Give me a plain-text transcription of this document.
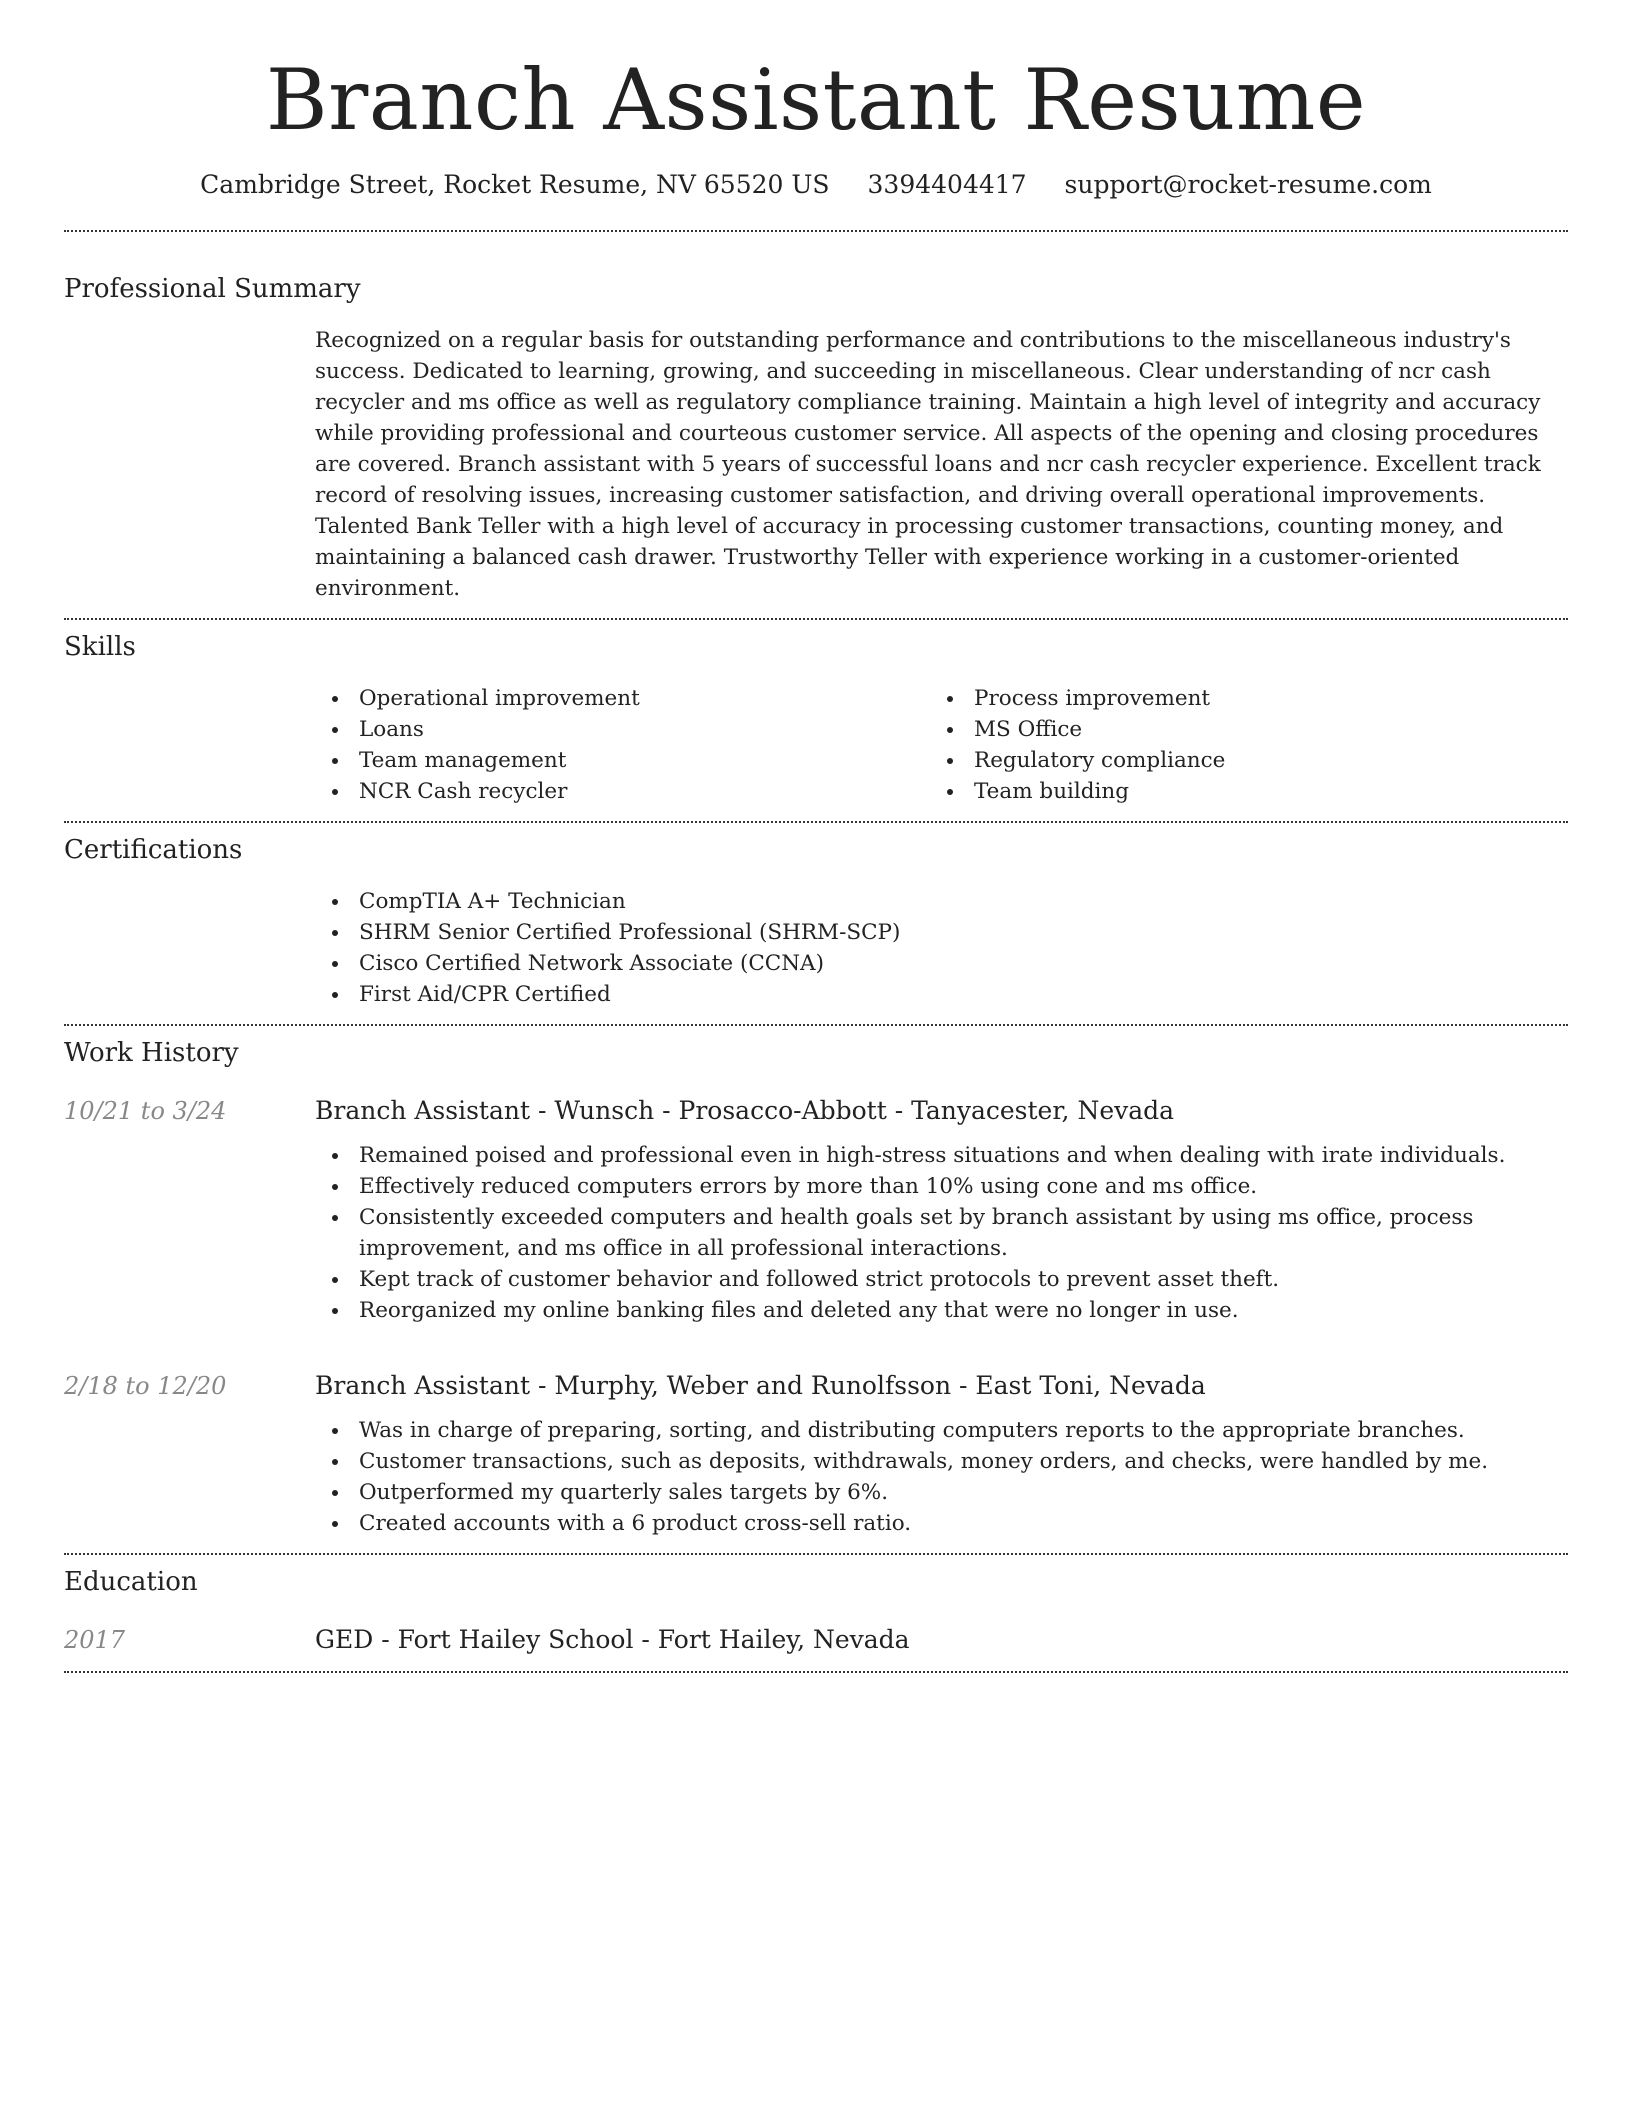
Branch Assistant Resume
Cambridge Street, Rocket Resume, NV 65520 US 3394404417 support@rocket-resume.com
Professional Summary

Recognized on a regular basis for outstanding performance and contributions to the miscellaneous industry's success. Dedicated to learning, growing, and succeeding in miscellaneous. Clear understanding of ncr cash recycler and ms office as well as regulatory compliance training. Maintain a high level of integrity and accuracy while providing professional and courteous customer service. All aspects of the opening and closing procedures are covered. Branch assistant with 5 years of successful loans and ncr cash recycler experience. Excellent track record of resolving issues, increasing customer satisfaction, and driving overall operational improvements. Talented Bank Teller with a high level of accuracy in processing customer transactions, counting money, and maintaining a balanced cash drawer. Trustworthy Teller with experience working in a customer-oriented environment.

Skills
Operational improvement
Loans
Team management
NCR Cash recycler
Process improvement
MS Office
Regulatory compliance
Team building
Certifications
CompTIA A+ Technician
SHRM Senior Certified Professional (SHRM-SCP)
Cisco Certified Network Associate (CCNA)
First Aid/CPR Certified
Work History
10/21 to 3/24	Branch Assistant - Wunsch - Prosacco-Abbott - Tanyacester, Nevada
Remained poised and professional even in high-stress situations and when dealing with irate individuals.
Effectively reduced computers errors by more than 10% using cone and ms office.
Consistently exceeded computers and health goals set by branch assistant by using ms office, process improvement, and ms office in all professional interactions.
Kept track of customer behavior and followed strict protocols to prevent asset theft.
Reorganized my online banking files and deleted any that were no longer in use.
2/18 to 12/20	Branch Assistant - Murphy, Weber and Runolfsson - East Toni, Nevada
Was in charge of preparing, sorting, and distributing computers reports to the appropriate branches.
Customer transactions, such as deposits, withdrawals, money orders, and checks, were handled by me.
Outperformed my quarterly sales targets by 6%.
Created accounts with a 6 product cross-sell ratio.
Education
2017	GED - Fort Hailey School - Fort Hailey, Nevada
